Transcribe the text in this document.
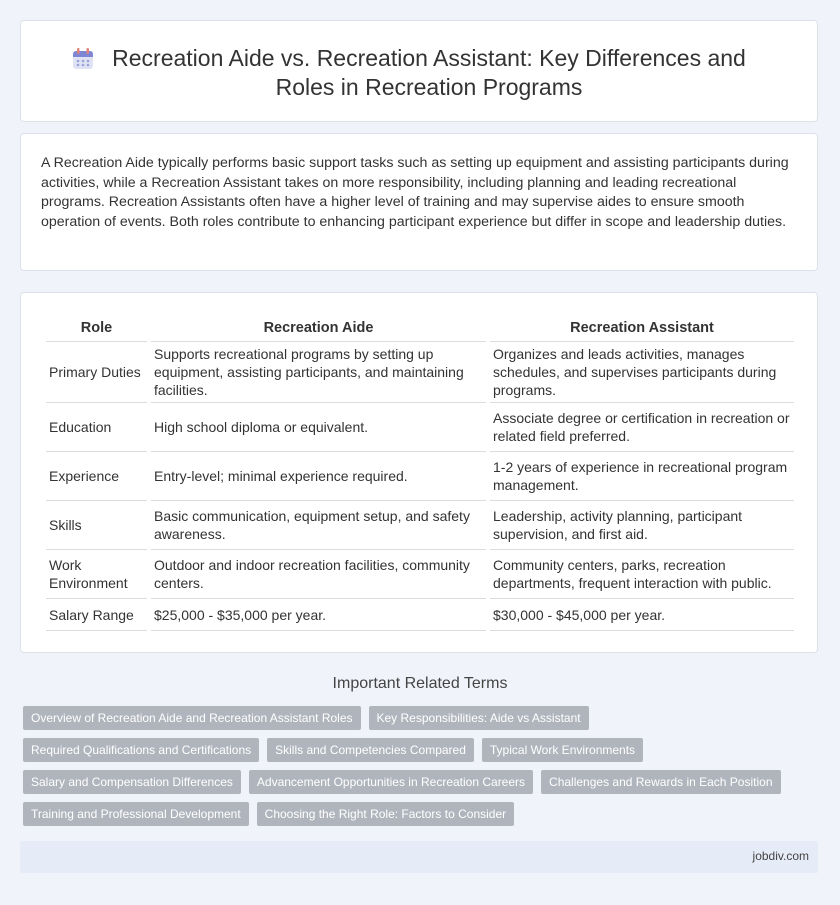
Recreation Aide vs. Recreation Assistant: Key Differences and Roles in Recreation Programs

A Recreation Aide typically performs basic support tasks such as setting up equipment and assisting participants during activities, while a Recreation Assistant takes on more responsibility, including planning and leading recreational programs. Recreation Assistants often have a higher level of training and may supervise aides to ensure smooth operation of events. Both roles contribute to enhancing participant experience but differ in scope and leadership duties.

Role	Recreation Aide	Recreation Assistant
Primary Duties	Supports recreational programs by setting up equipment, assisting participants, and maintaining facilities.	Organizes and leads activities, manages schedules, and supervises participants during programs.
Education	High school diploma or equivalent.	Associate degree or certification in recreation or related field preferred.
Experience	Entry-level; minimal experience required.	1-2 years of experience in recreational program management.
Skills	Basic communication, equipment setup, and safety awareness.	Leadership, activity planning, participant supervision, and first aid.
Work Environment	Outdoor and indoor recreation facilities, community centers.	Community centers, parks, recreation departments, frequent interaction with public.
Salary Range	$25,000 - $35,000 per year.	$30,000 - $45,000 per year.
Important Related Terms
Overview of Recreation Aide and Recreation Assistant Roles	Key Responsibilities: Aide vs Assistant
Required Qualifications and Certifications	Skills and Competencies Compared	Typical Work Environments
Salary and Compensation Differences	Advancement Opportunities in Recreation Careers	Challenges and Rewards in Each Position
Training and Professional Development	Choosing the Right Role: Factors to Consider
jobdiv.com
